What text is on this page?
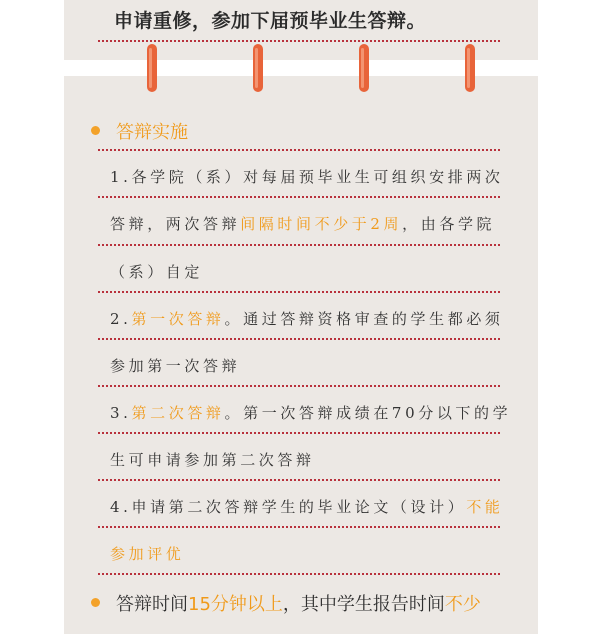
申请重修，参加下届预毕业生答辩。
答辩实施
1.各学院（系）对每届预毕业生可组织安排两次
答辩，两次答辩间隔时间不少于2周，由各学院
（系）自定
2.第一次答辩。通过答辩资格审查的学生都必须
参加第一次答辩
3.第二次答辩。第一次答辩成绩在70分以下的学
生可申请参加第二次答辩
4.申请第二次答辩学生的毕业论文（设计）不能
参加评优
答辩时间15分钟以上，其中学生报告时间不少
